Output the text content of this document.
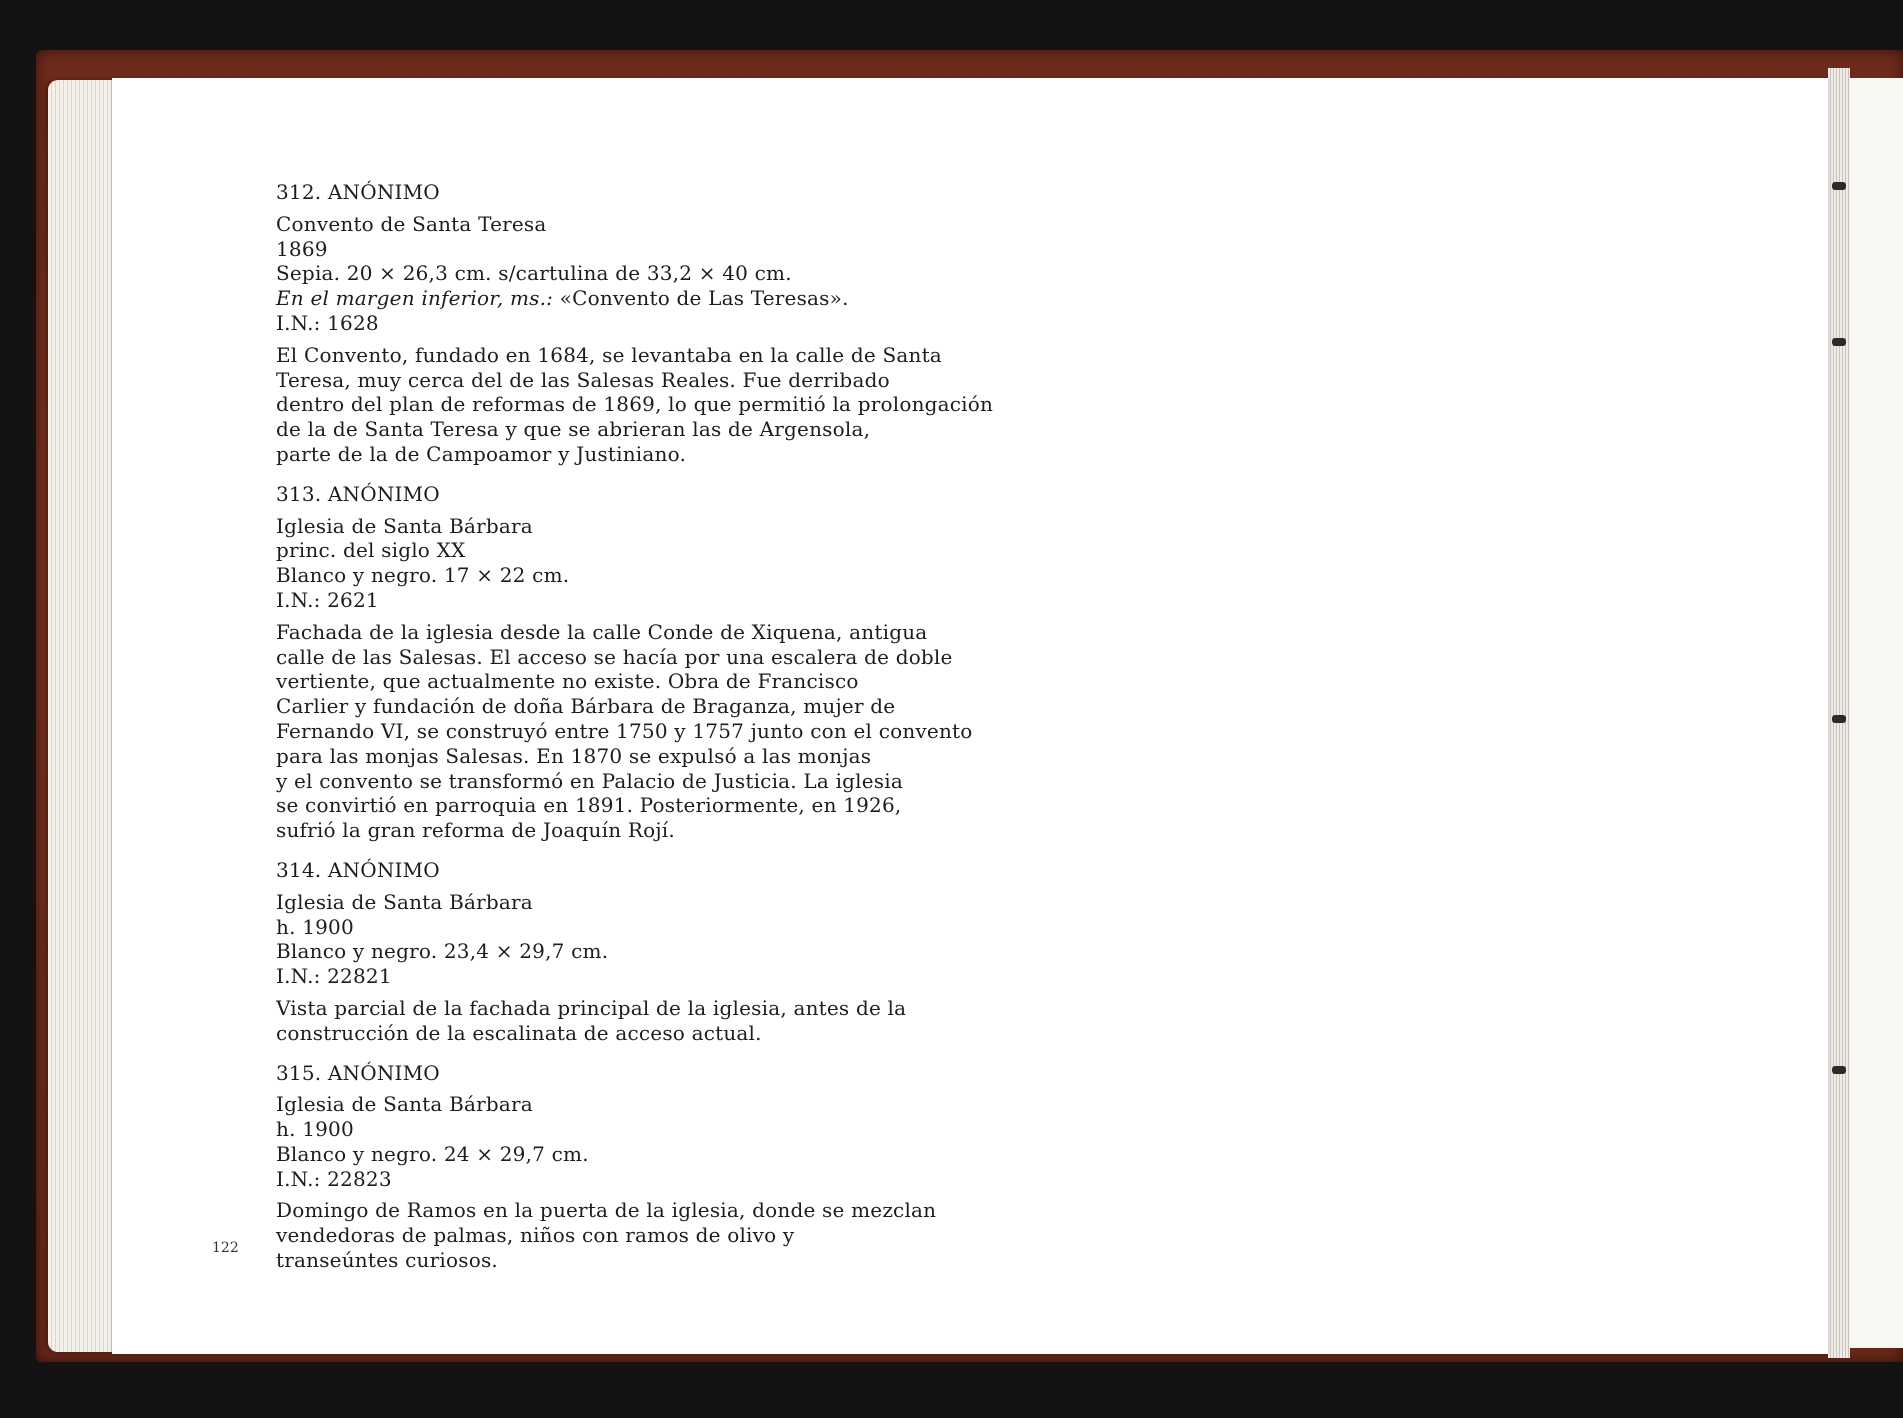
312. ANÓNIMO
Convento de Santa Teresa
1869
Sepia. 20 × 26,3 cm. s/cartulina de 33,2 × 40 cm.
En el margen inferior, ms.: «Convento de Las Teresas».
I.N.: 1628
El Convento, fundado en 1684, se levantaba en la calle de Santa
Teresa, muy cerca del de las Salesas Reales. Fue derribado
dentro del plan de reformas de 1869, lo que permitió la prolongación
de la de Santa Teresa y que se abrieran las de Argensola,
parte de la de Campoamor y Justiniano.
313. ANÓNIMO
Iglesia de Santa Bárbara
princ. del siglo XX
Blanco y negro. 17 × 22 cm.
I.N.: 2621
Fachada de la iglesia desde la calle Conde de Xiquena, antigua
calle de las Salesas. El acceso se hacía por una escalera de doble
vertiente, que actualmente no existe. Obra de Francisco
Carlier y fundación de doña Bárbara de Braganza, mujer de
Fernando VI, se construyó entre 1750 y 1757 junto con el convento
para las monjas Salesas. En 1870 se expulsó a las monjas
y el convento se transformó en Palacio de Justicia. La iglesia
se convirtió en parroquia en 1891. Posteriormente, en 1926,
sufrió la gran reforma de Joaquín Rojí.
314. ANÓNIMO
Iglesia de Santa Bárbara
h. 1900
Blanco y negro. 23,4 × 29,7 cm.
I.N.: 22821
Vista parcial de la fachada principal de la iglesia, antes de la
construcción de la escalinata de acceso actual.
315. ANÓNIMO
Iglesia de Santa Bárbara
h. 1900
Blanco y negro. 24 × 29,7 cm.
I.N.: 22823
Domingo de Ramos en la puerta de la iglesia, donde se mezclan
vendedoras de palmas, niños con ramos de olivo y
transeúntes curiosos.
122
